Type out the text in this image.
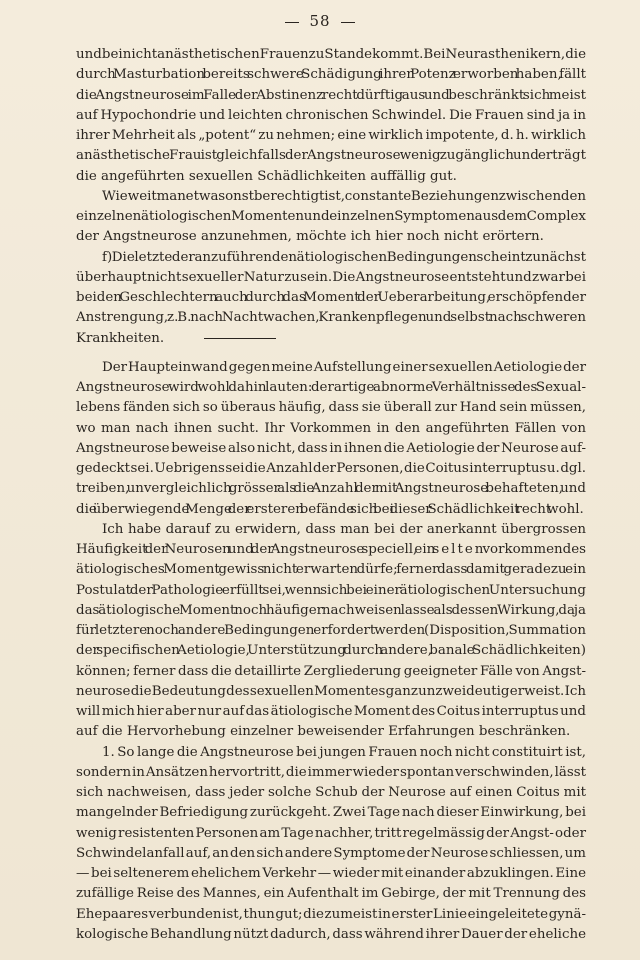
58
und bei nichtanästhetischen Frauen zu Stande kommt. Bei Neurasthenikern, die
durch Masturbation bereits schwere Schädigung ihrer Potenz erworben haben, fällt
die Angstneurose im Falle der Abstinenz recht dürftig aus und beschränkt sich meist
auf Hypochondrie und leichten chronischen Schwindel. Die Frauen sind ja in
ihrer Mehrheit als „potent“ zu nehmen; eine wirklich impotente, d. h. wirklich
anästhetische Frau ist gleichfalls der Angstneurose wenig zugänglich und erträgt
die angeführten sexuellen Schädlichkeiten auffällig gut.
Wieweit man etwa sonst berechtigt ist, constante Beziehungen zwischen den
einzelnen ätiologischen Momenten und einzelnen Symptomen aus dem Complex
der Angstneurose anzunehmen, möchte ich hier noch nicht erörtern.
f) Die letzte der anzuführenden ätiologischen Bedingungen scheint zunächst
überhaupt nicht sexueller Natur zu sein. Die Angstneurose entsteht und zwar bei
beiden Geschlechtern auch durch das Moment der Ueberarbeitung, erschöpfender
Anstrengung, z. B. nach Nachtwachen, Krankenpflegen und selbst nach schweren
Krankheiten.
Der Haupteinwand gegen meine Aufstellung einer sexuellen Aetiologie der
Angstneurose wird wohl dahin lauten: derartige abnorme Verhältnisse des Sexual-
lebens fänden sich so überaus häufig, dass sie überall zur Hand sein müssen,
wo man nach ihnen sucht. Ihr Vorkommen in den angeführten Fällen von
Angstneurose beweise also nicht, dass in ihnen die Aetiologie der Neurose auf-
gedeckt sei. Uebrigens sei die Anzahl der Personen, die Coitus interruptus u. dgl.
treiben, unvergleichlich grösser als die Anzahl der mit Angstneurose behafteten, und
die überwiegende Menge der ersteren befände sich bei dieser Schädlichkeit recht wohl.
Ich habe darauf zu erwidern, dass man bei der anerkannt übergrossen
Häufigkeit der Neurosen und der Angstneurose speciell, ein selten vorkommendes
ätiologisches Moment gewiss nicht erwarten dürfe; ferner dass damit geradezu ein
Postulat der Pathologie erfüllt sei, wenn sich bei einer ätiologischen Untersuchung
das ätiologische Moment noch häufiger nachweisen lasse als dessen Wirkung, da ja
für letztere noch andere Bedingungen erfordert werden (Disposition, Summation
der specifischen Aetiologie, Unterstützung durch andere, banale Schädlichkeiten)
können; ferner dass die detaillirte Zergliederung geeigneter Fälle von Angst-
neurose die Bedeutung des sexuellen Momentes ganz unzweideutig erweist. Ich
will mich hier aber nur auf das ätiologische Moment des Coitus interruptus und
auf die Hervorhebung einzelner beweisender Erfahrungen beschränken.
1. So lange die Angstneurose bei jungen Frauen noch nicht constituirt ist,
sondern in Ansätzen hervortritt, die immer wieder spontan verschwinden, lässt
sich nachweisen, dass jeder solche Schub der Neurose auf einen Coitus mit
mangelnder Befriedigung zurückgeht. Zwei Tage nach dieser Einwirkung, bei
wenig resistenten Personen am Tage nachher, tritt regelmässig der Angst- oder
Schwindelanfall auf, an den sich andere Symptome der Neurose schliessen, um
— bei seltenerem ehelichem Verkehr — wieder mit einander abzuklingen. Eine
zufällige Reise des Mannes, ein Aufenthalt im Gebirge, der mit Trennung des
Ehepaares verbunden ist, thun gut; die zumeist in erster Linie eingeleitete gynä-
kologische Behandlung nützt dadurch, dass während ihrer Dauer der eheliche
